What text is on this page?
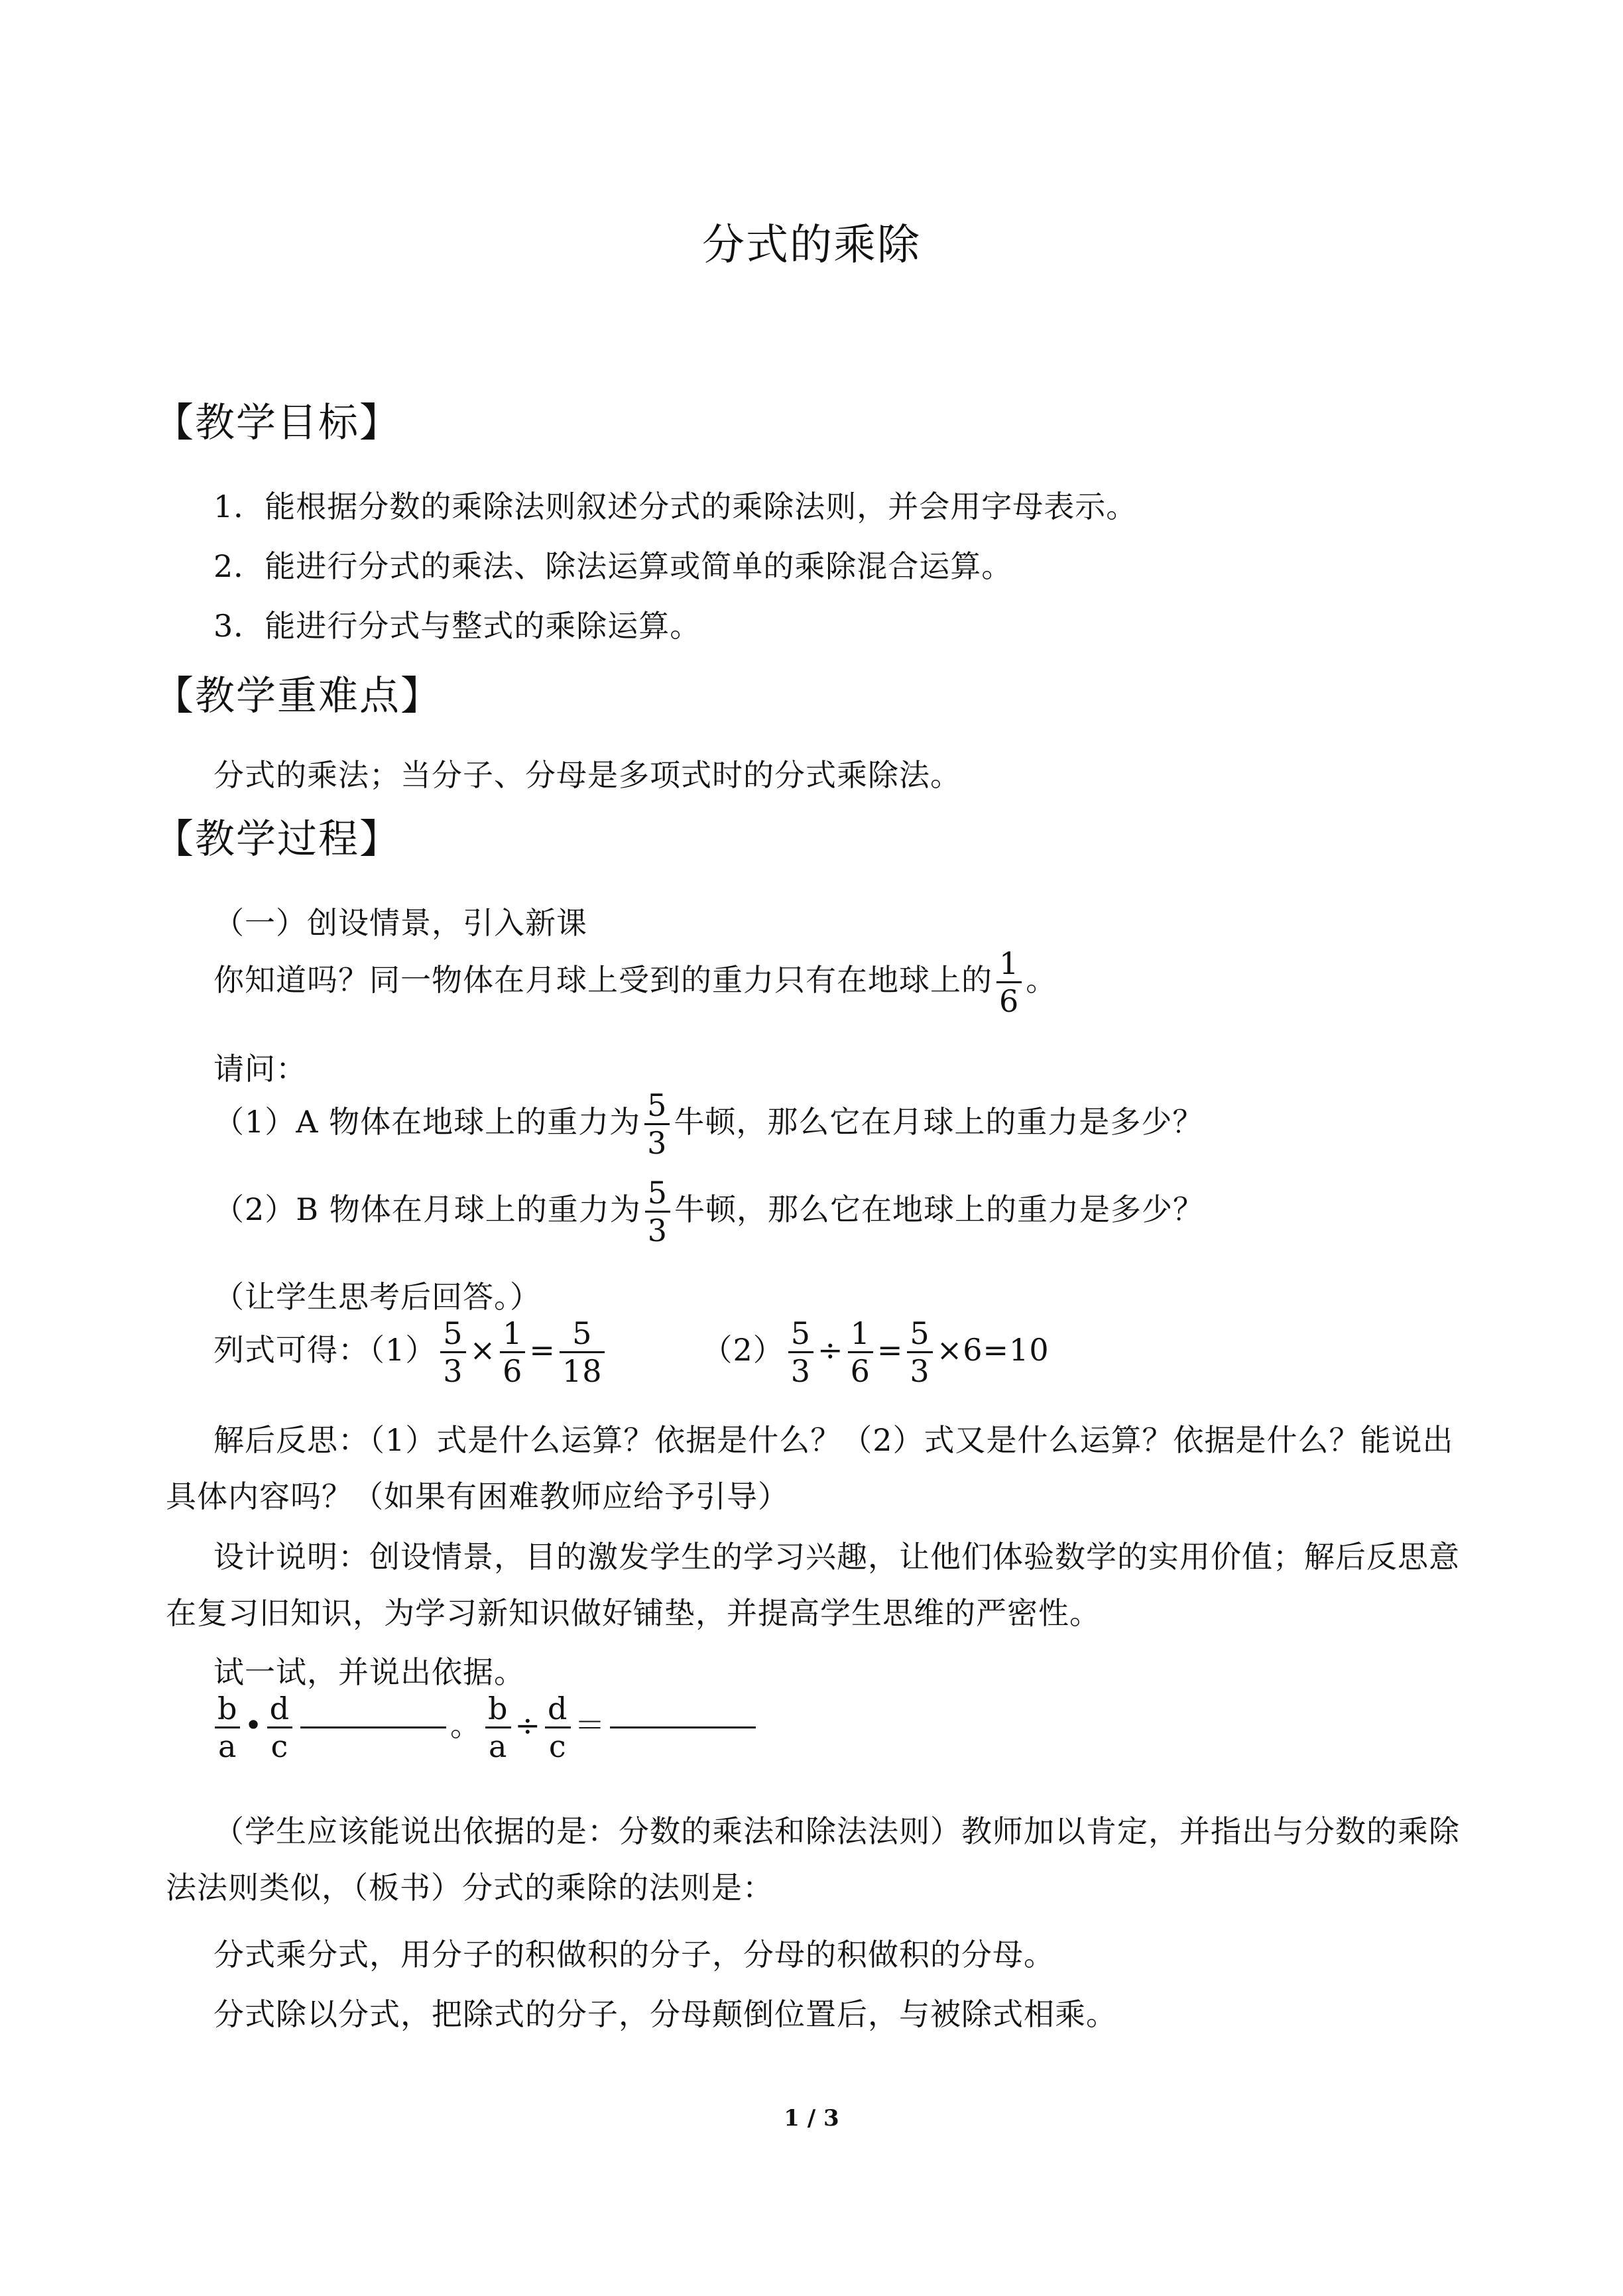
分式的乘除
【教学目标】
1．能根据分数的乘除法则叙述分式的乘除法则，并会用字母表示。
2．能进行分式的乘法、除法运算或简单的乘除混合运算。
3．能进行分式与整式的乘除运算。
【教学重难点】
分式的乘法；当分子、分母是多项式时的分式乘除法。
【教学过程】
（一）创设情景，引入新课
你知道吗？同一物体在月球上受到的重力只有在地球上的 $\frac{1}{6}$ 。
请问：
（1）A 物体在地球上的重力为 $\frac{5}{3}$ 牛顿，那么它在月球上的重力是多少？
（2）B 物体在月球上的重力为 $\frac{5}{3}$ 牛顿，那么它在地球上的重力是多少？
（让学生思考后回答。）
列式可得：$(1) \frac{5}{3} \times \frac{1}{6} = \frac{5}{18}$	$(2) \frac{5}{3} \div \frac{1}{6} = \frac{5}{3} \times 6=10$
解后反思：（1）式是什么运算？依据是什么？（2）式又是什么运算？依据是什么？能说出具体内容吗？（如果有困难教师应给予引导）
设计说明：创设情景，目的激发学生的学习兴趣，让他们体验数学的实用价值；解后反思意在复习旧知识，为学习新知识做好铺垫，并提高学生思维的严密性。
试一试，并说出依据。
$\frac{b}{a}$ • $\frac{d}{c}$	。 $\frac{b}{a} \div \frac{d}{c}$ ＝
（学生应该能说出依据的是：分数的乘法和除法法则）教师加以肯定，并指出与分数的乘除法法则类似，（板书）分式的乘除的法则是：
分式乘分式，用分子的积做积的分子，分母的积做积的分母。
分式除以分式，把除式的分子，分母颠倒位置后，与被除式相乘。
1 / 3
